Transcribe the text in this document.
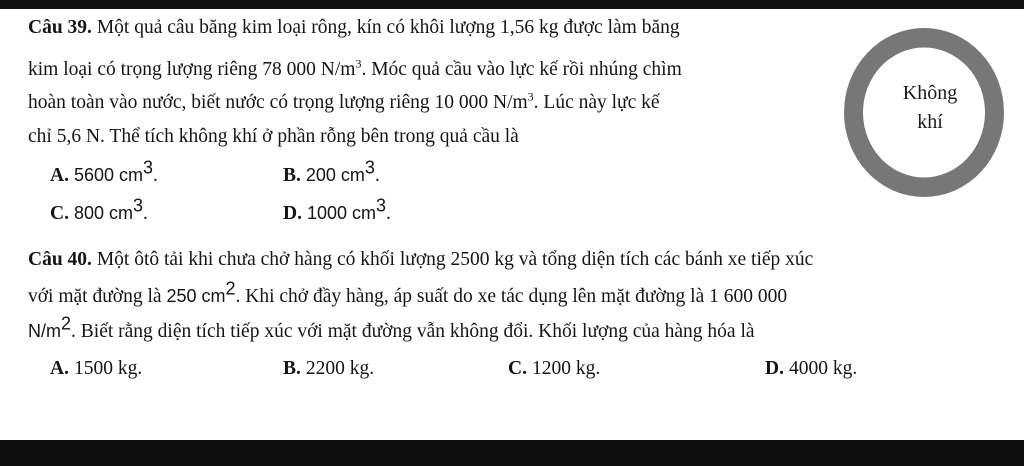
Câu 39. Một quả câu băng kim loại rông, kín có khôi lượng 1,56 kg được làm băng
kim loại có trọng lượng riêng 78 000 $N/m^3$. Móc quả cầu vào lực kế rồi nhúng chìm
hoàn toàn vào nước, biết nước có trọng lượng riêng 10 000 $N/m^3$. Lúc này lực kế
chỉ 5,6 N. Thể tích không khí ở phần rỗng bên trong quả cầu là
A. 5600 $cm^3$.	B. 200 $cm^3$.
C. 800 $cm^3$.	D. 1000 $cm^3$.
Không
khí
Câu 40. Một ôtô tải khi chưa chở hàng có khối lượng 2500 kg và tổng diện tích các bánh xe tiếp xúc
với mặt đường là 250 $cm^2$. Khi chở đầy hàng, áp suất do xe tác dụng lên mặt đường là 1 600 000
$N/m^2$. Biết rằng diện tích tiếp xúc với mặt đường vẫn không đổi. Khối lượng của hàng hóa là
A. 1500 kg.	B. 2200 kg.	C. 1200 kg.	D. 4000 kg.
